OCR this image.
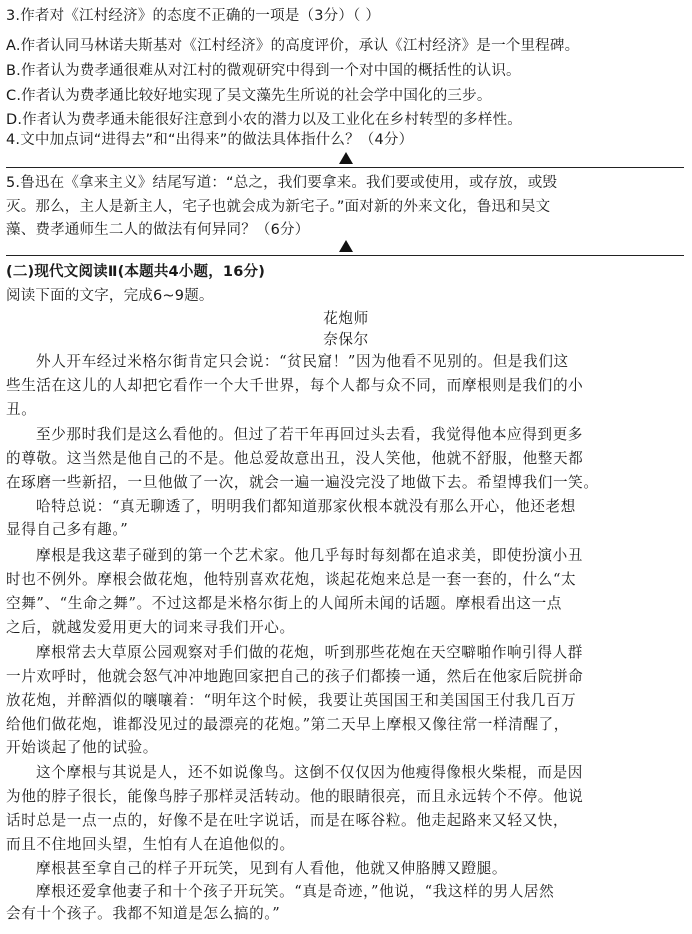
3.作者对《江村经济》的态度不正确的一项是（3分）（ ）
A.作者认同马林诺夫斯基对《江村经济》的高度评价，承认《江村经济》是一个里程碑。
B.作者认为费孝通很难从对江村的微观研究中得到一个对中国的概括性的认识。
C.作者认为费孝通比较好地实现了吴文藻先生所说的社会学中国化的三步。
D.作者认为费孝通未能很好注意到小农的潜力以及工业化在乡村转型的多样性。
4.文中加点词“进得去”和“出得来”的做法具体指什么？（4分）
5.鲁迅在《拿来主义》结尾写道：“总之，我们要拿来。我们要或使用，或存放，或毁
灭。那么，主人是新主人，宅子也就会成为新宅子。”面对新的外来文化，鲁迅和吴文
藻、费孝通师生二人的做法有何异同？（6分）
(二)现代文阅读Ⅱ(本题共4小题，16分)
阅读下面的文字，完成6~9题。
花炮师
奈保尔
外人开车经过米格尔街肯定只会说：“贫民窟！”因为他看不见别的。但是我们这
些生活在这儿的人却把它看作一个大千世界，每个人都与众不同，而摩根则是我们的小
丑。
至少那时我们是这么看他的。但过了若干年再回过头去看，我觉得他本应得到更多
的尊敬。这当然是他自己的不是。他总爱故意出丑，没人笑他，他就不舒服，他整天都
在琢磨一些新招，一旦他做了一次，就会一遍一遍没完没了地做下去。希望博我们一笑。
哈特总说：“真无聊透了，明明我们都知道那家伙根本就没有那么开心，他还老想
显得自己多有趣。”
摩根是我这辈子碰到的第一个艺术家。他几乎每时每刻都在追求美，即使扮演小丑
时也不例外。摩根会做花炮，他特别喜欢花炮，谈起花炮来总是一套一套的，什么“太
空舞”、“生命之舞”。不过这都是米格尔街上的人闻所未闻的话题。摩根看出这一点
之后，就越发爱用更大的词来寻我们开心。
摩根常去大草原公园观察对手们做的花炮，听到那些花炮在天空噼啪作响引得人群
一片欢呼时，他就会怒气冲冲地跑回家把自己的孩子们都揍一通，然后在他家后院拼命
放花炮，并醉酒似的嚷嚷着：“明年这个时候，我要让英国国王和美国国王付我几百万
给他们做花炮，谁都没见过的最漂亮的花炮。”第二天早上摩根又像往常一样清醒了，
开始谈起了他的试验。
这个摩根与其说是人，还不如说像鸟。这倒不仅仅因为他瘦得像根火柴棍，而是因
为他的脖子很长，能像鸟脖子那样灵活转动。他的眼睛很亮，而且永远转个不停。他说
话时总是一点一点的，好像不是在吐字说话，而是在啄谷粒。他走起路来又轻又快，
而且不住地回头望，生怕有人在追他似的。
摩根甚至拿自己的样子开玩笑，见到有人看他，他就又伸胳膊又蹬腿。
摩根还爱拿他妻子和十个孩子开玩笑。“真是奇迹，”他说，“我这样的男人居然
会有十个孩子。我都不知道是怎么搞的。”
